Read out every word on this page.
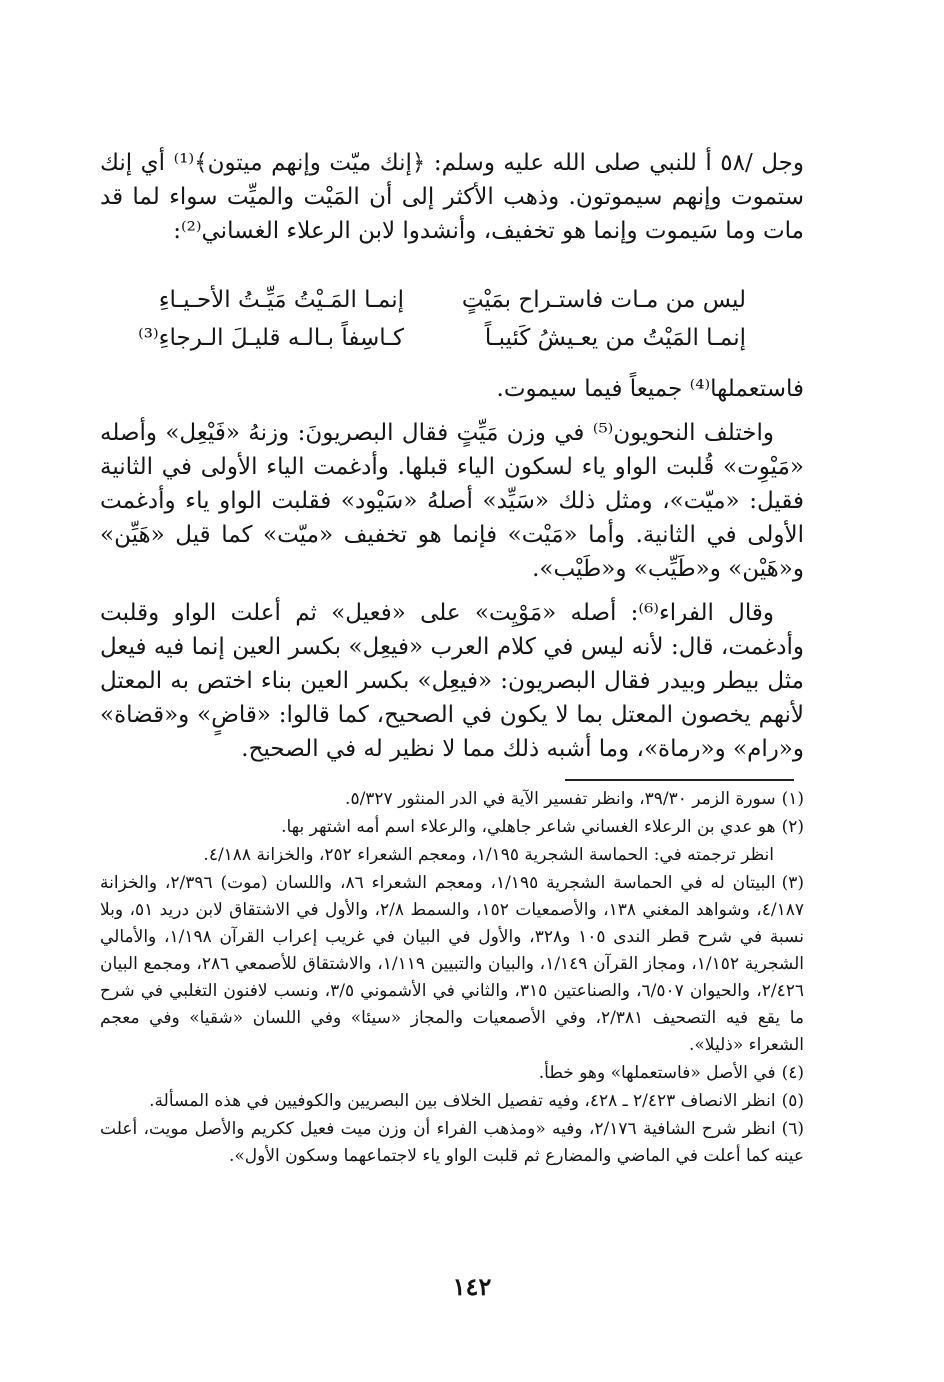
وجل /٥٨ أ للنبي صلى الله عليه وسلم: ﴿إنك ميّت وإنهم ميتون﴾⁽¹⁾ أي إنك ستموت وإنهم سيموتون. وذهب الأكثر إلى أن المَيْت والميِّت سواء لما قد مات وما سَيموت وإنما هو تخفيف، وأنشدوا لابن الرعلاء الغساني⁽²⁾:

ليس من مـات فاستـراح بمَيْتٍ
إنمـا المَـيْتُ مَيِّـتُ الأحـيـاءِ
إنمـا المَيْتُ من يعـيشُ كَئيبـاً
كـاسِفاً بـالـه قليـلَ الـرجاءِ⁽³⁾

فاستعملها⁽⁴⁾ جميعاً فيما سيموت.

واختلف النحويون⁽⁵⁾ في وزن مَيِّتٍ فقال البصريونَ: وزنهُ «فَيْعِل» وأصله «مَيْوِت» قُلبت الواو ياء لسكون الياء قبلها. وأدغمت الياء الأولى في الثانية فقيل: «ميّت»، ومثل ذلك «سَيِّد» أصلهُ «سَيْود» فقلبت الواو ياء وأدغمت الأولى في الثانية. وأما «مَيْت» فإنما هو تخفيف «ميّت» كما قيل «هَيِّن» و«هَيْن» و«طَيِّب» و«طَيْب».

وقال الفراء⁽⁶⁾: أصله «مَوْيِت» على «فعيل» ثم أعلت الواو وقلبت وأدغمت، قال: لأنه ليس في كلام العرب «فيعِل» بكسر العين إنما فيه فيعل مثل بيطر وبيدر فقال البصريون: «فيعِل» بكسر العين بناء اختص به المعتل لأنهم يخصون المعتل بما لا يكون في الصحيح، كما قالوا: «قاضٍ» و«قضاة» و«رام» و«رماة»، وما أشبه ذلك مما لا نظير له في الصحيح.

(١)سورة الزمر ٣٩/٣٠، وانظر تفسير الآية في الدر المنثور ٥/٣٢٧.
(٢)هو عدي بن الرعلاء الغساني شاعر جاهلي، والرعلاء اسم أمه اشتهر بها.
انظر ترجمته في: الحماسة الشجرية ١/١٩٥، ومعجم الشعراء ٢٥٢، والخزانة ٤/١٨٨.
(٣)البيتان له في الحماسة الشجرية ١/١٩٥، ومعجم الشعراء ٨٦، واللسان (موت) ٢/٣٩٦، والخزانة ٤/١٨٧، وشواهد المغني ١٣٨، والأصمعيات ١٥٢، والسمط ٢/٨، والأول في الاشتقاق لابن دريد ٥١، وبلا نسبة في شرح قطر الندى ١٠٥ و٣٢٨، والأول في البيان في غريب إعراب القرآن ١/١٩٨، والأمالي الشجرية ١/١٥٢، ومجاز القرآن ١/١٤٩، والبيان والتبيين ١/١١٩، والاشتقاق للأصمعي ٢٨٦، ومجمع البيان ٢/٤٢٦، والحيوان ٦/٥٠٧، والصناعتين ٣١٥، والثاني في الأشموني ٣/٥، ونسب لافنون التغلبي في شرح ما يقع فيه التصحيف ٢/٣٨١، وفي الأصمعيات والمجاز «سيئا» وفي اللسان «شقيا» وفي معجم الشعراء «ذليلا».
(٤)في الأصل «فاستعملها» وهو خطأ.
(٥)انظر الانصاف ٢/٤٢٣ ـ ٤٢٨، وفيه تفصيل الخلاف بين البصريين والكوفيين في هذه المسألة.
(٦)انظر شرح الشافية ٢/١٧٦، وفيه «ومذهب الفراء أن وزن ميت فعيل ككريم والأصل مويت، أعلت عينه كما أعلت في الماضي والمضارع ثم قلبت الواو ياء لاجتماعهما وسكون الأول».
١٤٢
